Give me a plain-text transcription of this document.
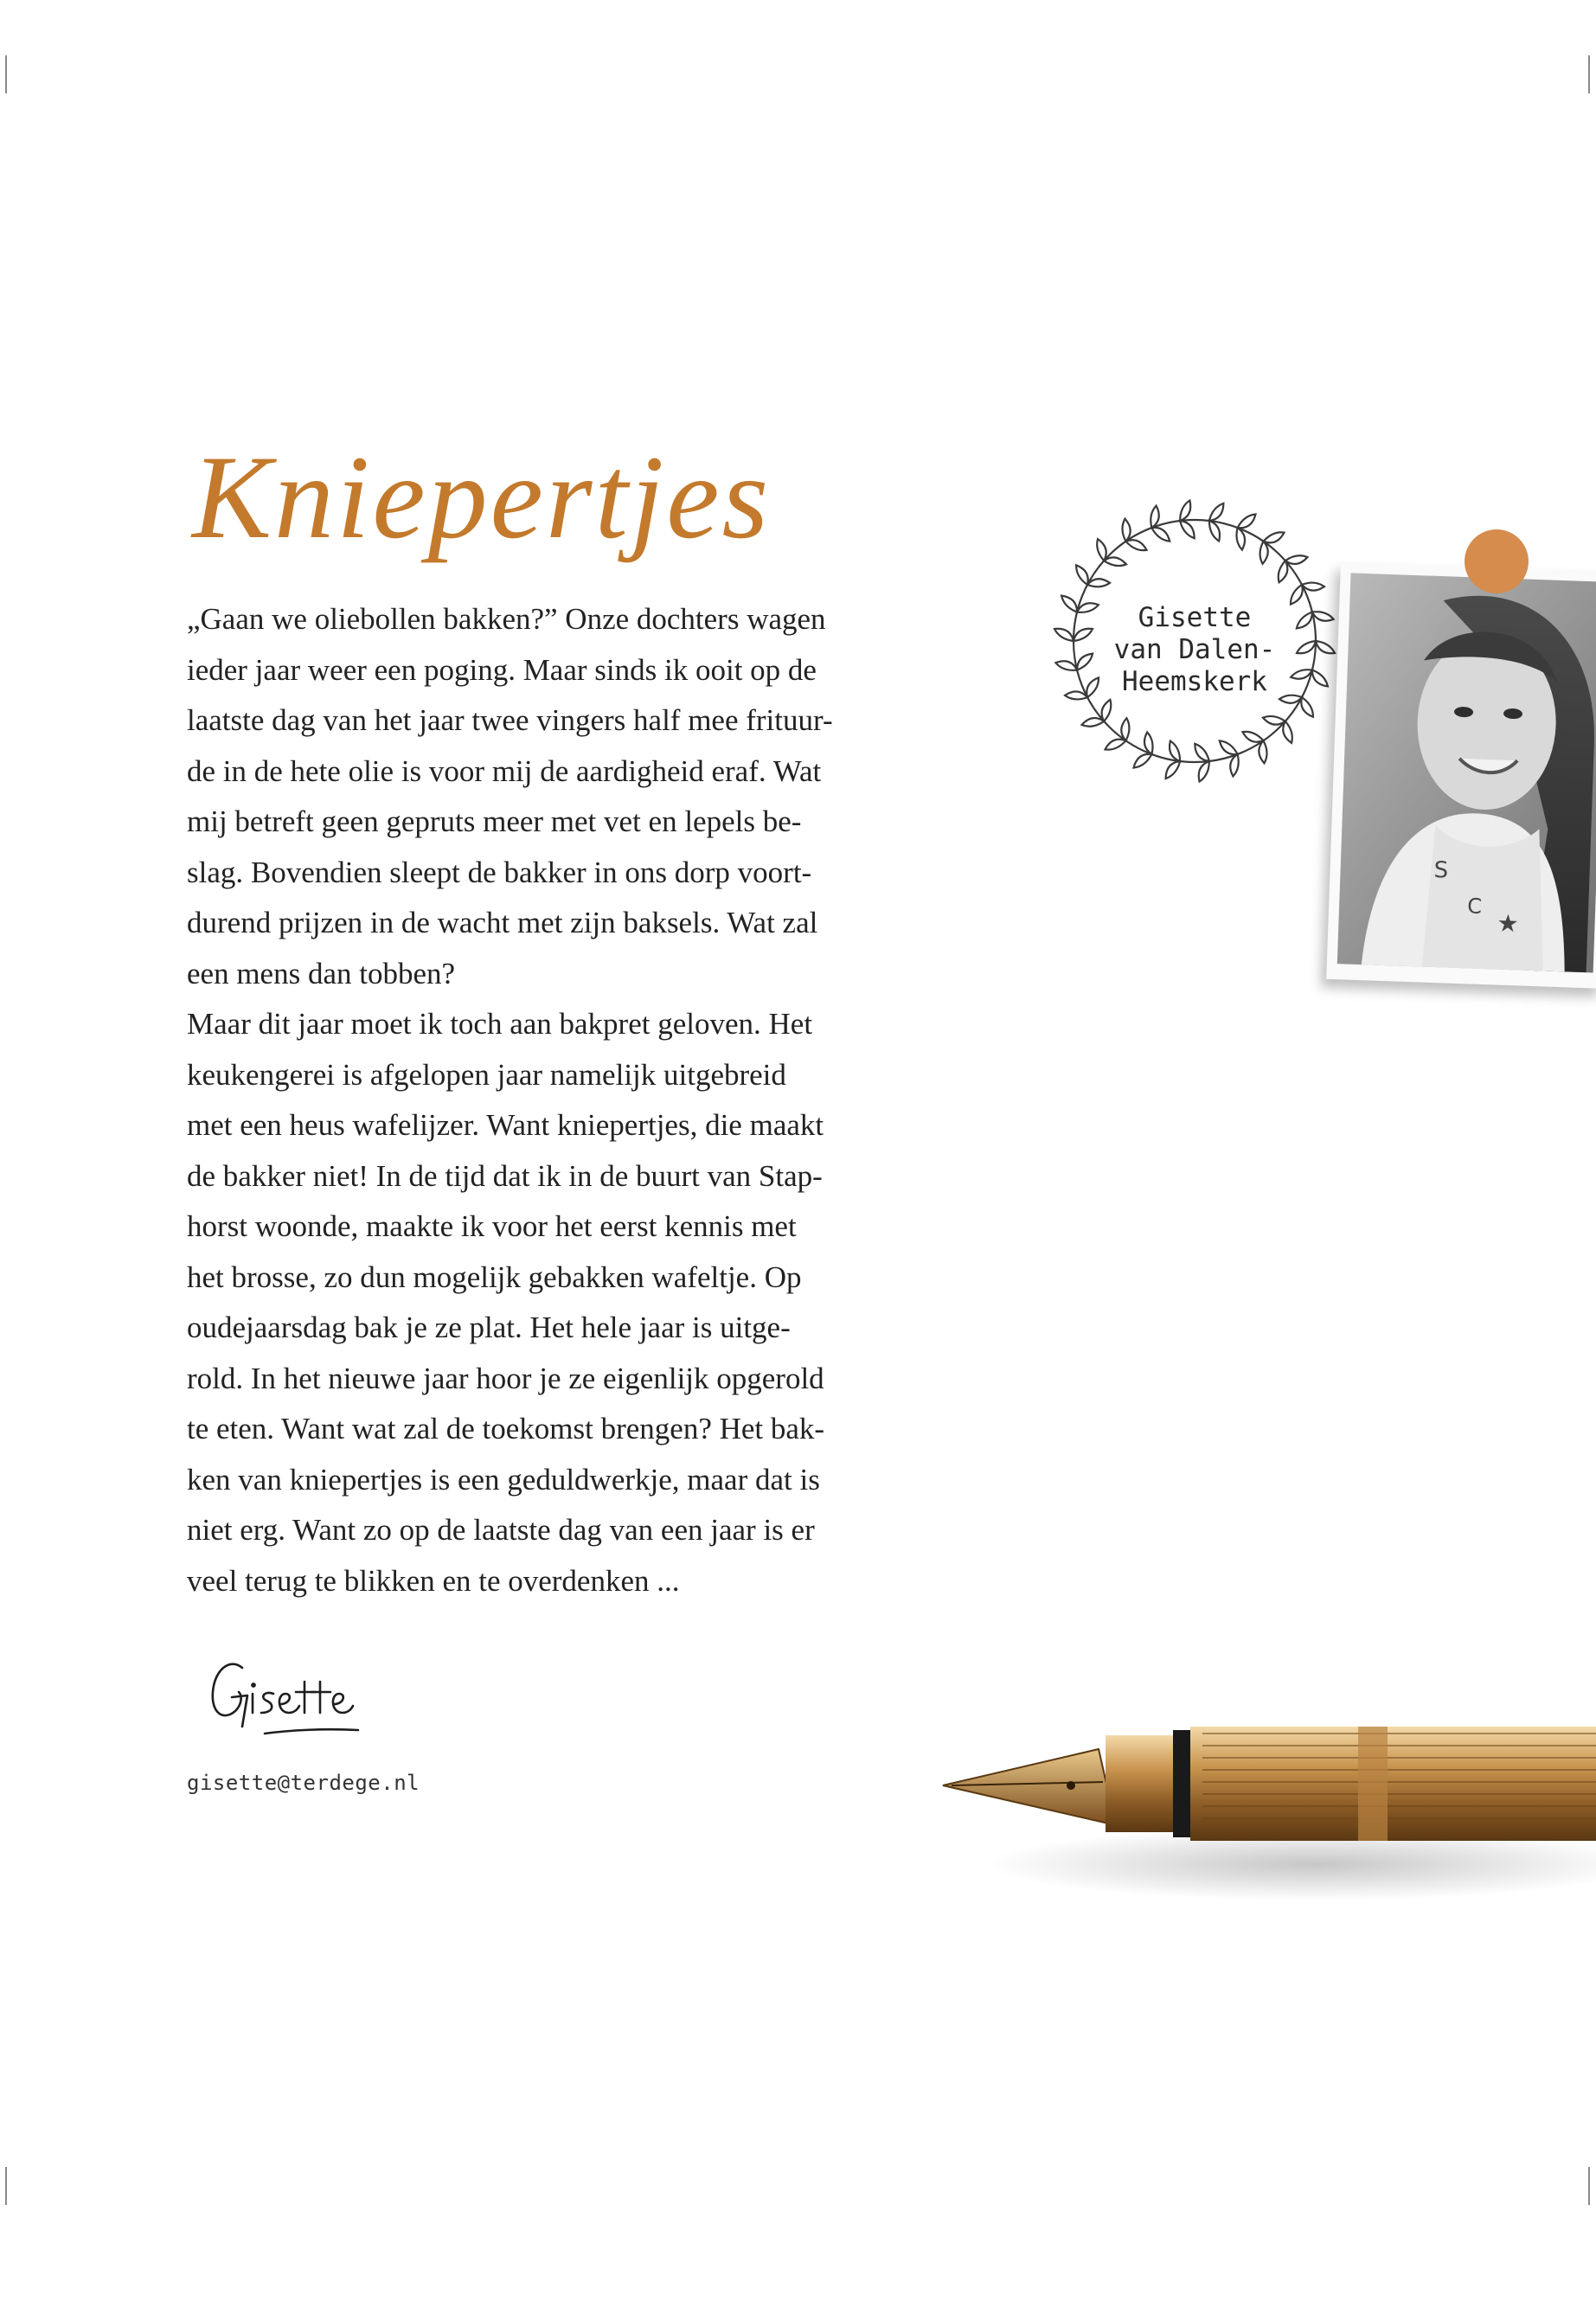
Kniepertjes
„Gaan we oliebollen bakken?” Onze dochters wagen
ieder jaar weer een poging. Maar sinds ik ooit op de
laatste dag van het jaar twee vingers half mee frituur-
de in de hete olie is voor mij de aardigheid eraf. Wat
mij betreft geen gepruts meer met vet en lepels be-
slag. Bovendien sleept de bakker in ons dorp voort-
durend prijzen in de wacht met zijn baksels. Wat zal
een mens dan tobben?
Maar dit jaar moet ik toch aan bakpret geloven. Het
keukengerei is afgelopen jaar namelijk uitgebreid
met een heus wafelijzer. Want kniepertjes, die maakt
de bakker niet! In de tijd dat ik in de buurt van Stap-
horst woonde, maakte ik voor het eerst kennis met
het brosse, zo dun mogelijk gebakken wafeltje. Op
oudejaarsdag bak je ze plat. Het hele jaar is uitge-
rold. In het nieuwe jaar hoor je ze eigenlijk opgerold
te eten. Want wat zal de toekomst brengen? Het bak-
ken van kniepertjes is een geduldwerkje, maar dat is
niet erg. Want zo op de laatste dag van een jaar is er
veel terug te blikken en te overdenken ...
gisette@terdege.nl
Gisette
van Dalen-
Heemskerk
S
C
★
